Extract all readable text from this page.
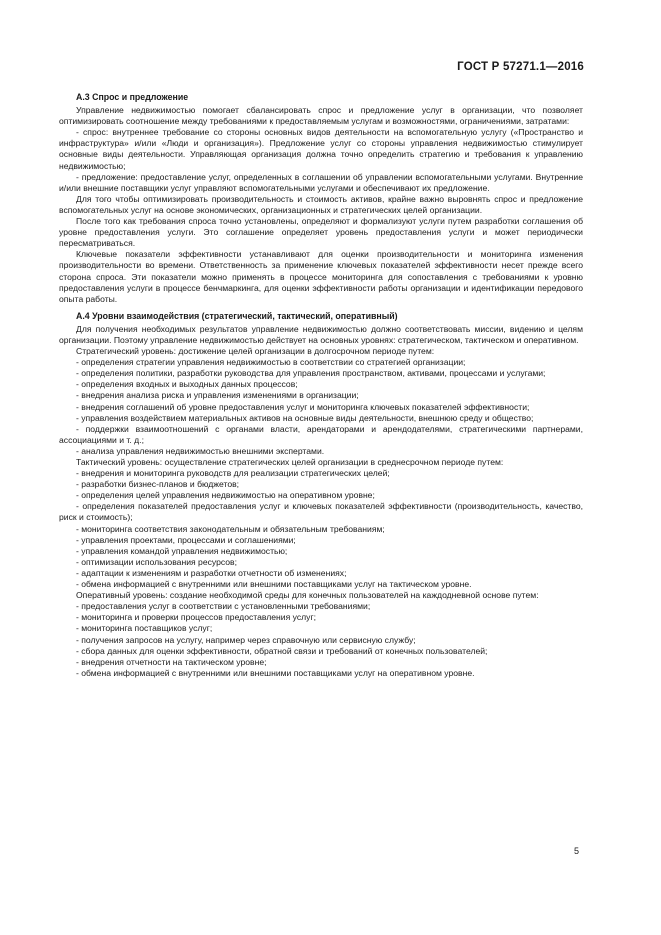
ГОСТ Р 57271.1—2016
А.3 Спрос и предложение

Управление недвижимостью помогает сбалансировать спрос и предложение услуг в организации, что позволяет оптимизировать соотношение между требованиями к предоставляемым услугам и возможностями, ограничениями, затратами:

- спрос: внутреннее требование со стороны основных видов деятельности на вспомогательную услугу («Пространство и инфраструктура» и/или «Люди и организация»). Предложение услуг со стороны управления недвижимостью стимулирует основные виды деятельности. Управляющая организация должна точно определить стратегию и требования к управлению недвижимостью;

- предложение: предоставление услуг, определенных в соглашении об управлении вспомогательными услугами. Внутренние и/или внешние поставщики услуг управляют вспомогательными услугами и обеспечивают их предложение.

Для того чтобы оптимизировать производительность и стоимость активов, крайне важно выровнять спрос и предложение вспомогательных услуг на основе экономических, организационных и стратегических целей организации.

После того как требования спроса точно установлены, определяют и формализуют услуги путем разработки соглашения об уровне предоставления услуги. Это соглашение определяет уровень предоставления услуги и может периодически пересматриваться.

Ключевые показатели эффективности устанавливают для оценки производительности и мониторинга изменения производительности во времени. Ответственность за применение ключевых показателей эффективности несет прежде всего сторона спроса. Эти показатели можно применять в процессе мониторинга для сопоставления с требованиями к уровню предоставления услуги в процессе бенчмаркинга, для оценки эффективности работы организации и идентификации передового опыта работы.

А.4 Уровни взаимодействия (стратегический, тактический, оперативный)

Для получения необходимых результатов управление недвижимостью должно соответствовать миссии, видению и целям организации. Поэтому управление недвижимостью действует на основных уровнях: стратегическом, тактическом и оперативном.

Стратегический уровень: достижение целей организации в долгосрочном периоде путем:

- определения стратегии управления недвижимостью в соответствии со стратегией организации;

- определения политики, разработки руководства для управления пространством, активами, процессами и услугами;

- определения входных и выходных данных процессов;

- внедрения анализа риска и управления изменениями в организации;

- внедрения соглашений об уровне предоставления услуг и мониторинга ключевых показателей эффективности;

- управления воздействием материальных активов на основные виды деятельности, внешнюю среду и общество;

- поддержки взаимоотношений с органами власти, арендаторами и арендодателями, стратегическими партнерами, ассоциациями и т. д.;

- анализа управления недвижимостью внешними экспертами.

Тактический уровень: осуществление стратегических целей организации в среднесрочном периоде путем:

- внедрения и мониторинга руководств для реализации стратегических целей;

- разработки бизнес-планов и бюджетов;

- определения целей управления недвижимостью на оперативном уровне;

- определения показателей предоставления услуг и ключевых показателей эффективности (производительность, качество, риск и стоимость);

- мониторинга соответствия законодательным и обязательным требованиям;

- управления проектами, процессами и соглашениями;

- управления командой управления недвижимостью;

- оптимизации использования ресурсов;

- адаптации к изменениям и разработки отчетности об изменениях;

- обмена информацией с внутренними или внешними поставщиками услуг на тактическом уровне.

Оперативный уровень: создание необходимой среды для конечных пользователей на каждодневной основе путем:

- предоставления услуг в соответствии с установленными требованиями;

- мониторинга и проверки процессов предоставления услуг;

- мониторинга поставщиков услуг;

- получения запросов на услугу, например через справочную или сервисную службу;

- сбора данных для оценки эффективности, обратной связи и требований от конечных пользователей;

- внедрения отчетности на тактическом уровне;

- обмена информацией с внутренними или внешними поставщиками услуг на оперативном уровне.

5
